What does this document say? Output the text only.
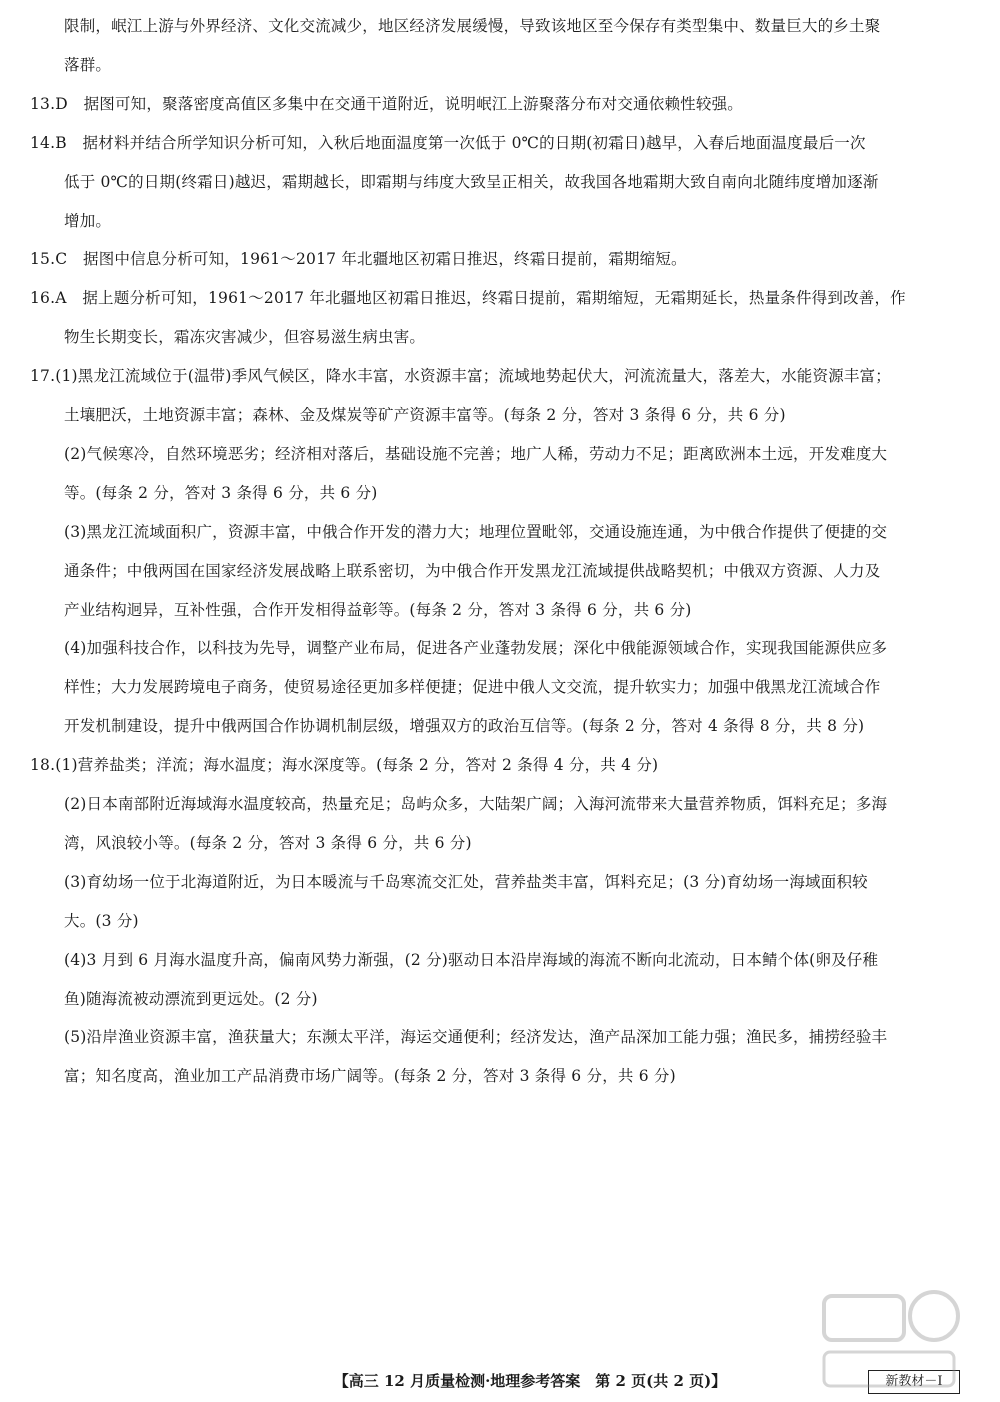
限制，岷江上游与外界经济、文化交流减少，地区经济发展缓慢，导致该地区至今保存有类型集中、数量巨大的乡土聚
落群。
13.D　据图可知，聚落密度高值区多集中在交通干道附近，说明岷江上游聚落分布对交通依赖性较强。
14.B　据材料并结合所学知识分析可知，入秋后地面温度第一次低于 0℃的日期(初霜日)越早，入春后地面温度最后一次
低于 0℃的日期(终霜日)越迟，霜期越长，即霜期与纬度大致呈正相关，故我国各地霜期大致自南向北随纬度增加逐渐
增加。
15.C　据图中信息分析可知，1961～2017 年北疆地区初霜日推迟，终霜日提前，霜期缩短。
16.A　据上题分析可知，1961～2017 年北疆地区初霜日推迟，终霜日提前，霜期缩短，无霜期延长，热量条件得到改善，作
物生长期变长，霜冻灾害减少，但容易滋生病虫害。
17.(1)黑龙江流域位于(温带)季风气候区，降水丰富，水资源丰富；流域地势起伏大，河流流量大，落差大，水能资源丰富；
土壤肥沃，土地资源丰富；森林、金及煤炭等矿产资源丰富等。(每条 2 分，答对 3 条得 6 分，共 6 分)
(2)气候寒冷，自然环境恶劣；经济相对落后，基础设施不完善；地广人稀，劳动力不足；距离欧洲本土远，开发难度大
等。(每条 2 分，答对 3 条得 6 分，共 6 分)
(3)黑龙江流域面积广，资源丰富，中俄合作开发的潜力大；地理位置毗邻，交通设施连通，为中俄合作提供了便捷的交
通条件；中俄两国在国家经济发展战略上联系密切，为中俄合作开发黑龙江流域提供战略契机；中俄双方资源、人力及
产业结构迥异，互补性强，合作开发相得益彰等。(每条 2 分，答对 3 条得 6 分，共 6 分)
(4)加强科技合作，以科技为先导，调整产业布局，促进各产业蓬勃发展；深化中俄能源领域合作，实现我国能源供应多
样性；大力发展跨境电子商务，使贸易途径更加多样便捷；促进中俄人文交流，提升软实力；加强中俄黑龙江流域合作
开发机制建设，提升中俄两国合作协调机制层级，增强双方的政治互信等。(每条 2 分，答对 4 条得 8 分，共 8 分)
18.(1)营养盐类；洋流；海水温度；海水深度等。(每条 2 分，答对 2 条得 4 分，共 4 分)
(2)日本南部附近海域海水温度较高，热量充足；岛屿众多，大陆架广阔；入海河流带来大量营养物质，饵料充足；多海
湾，风浪较小等。(每条 2 分，答对 3 条得 6 分，共 6 分)
(3)育幼场一位于北海道附近，为日本暖流与千岛寒流交汇处，营养盐类丰富，饵料充足；(3 分)育幼场一海域面积较
大。(3 分)
(4)3 月到 6 月海水温度升高，偏南风势力渐强，(2 分)驱动日本沿岸海域的海流不断向北流动，日本鲭个体(卵及仔稚
鱼)随海流被动漂流到更远处。(2 分)
(5)沿岸渔业资源丰富，渔获量大；东濒太平洋，海运交通便利；经济发达，渔产品深加工能力强；渔民多，捕捞经验丰
富；知名度高，渔业加工产品消费市场广阔等。(每条 2 分，答对 3 条得 6 分，共 6 分)
【高三 12 月质量检测·地理参考答案　第 2 页(共 2 页)】	新教材－Ⅰ
